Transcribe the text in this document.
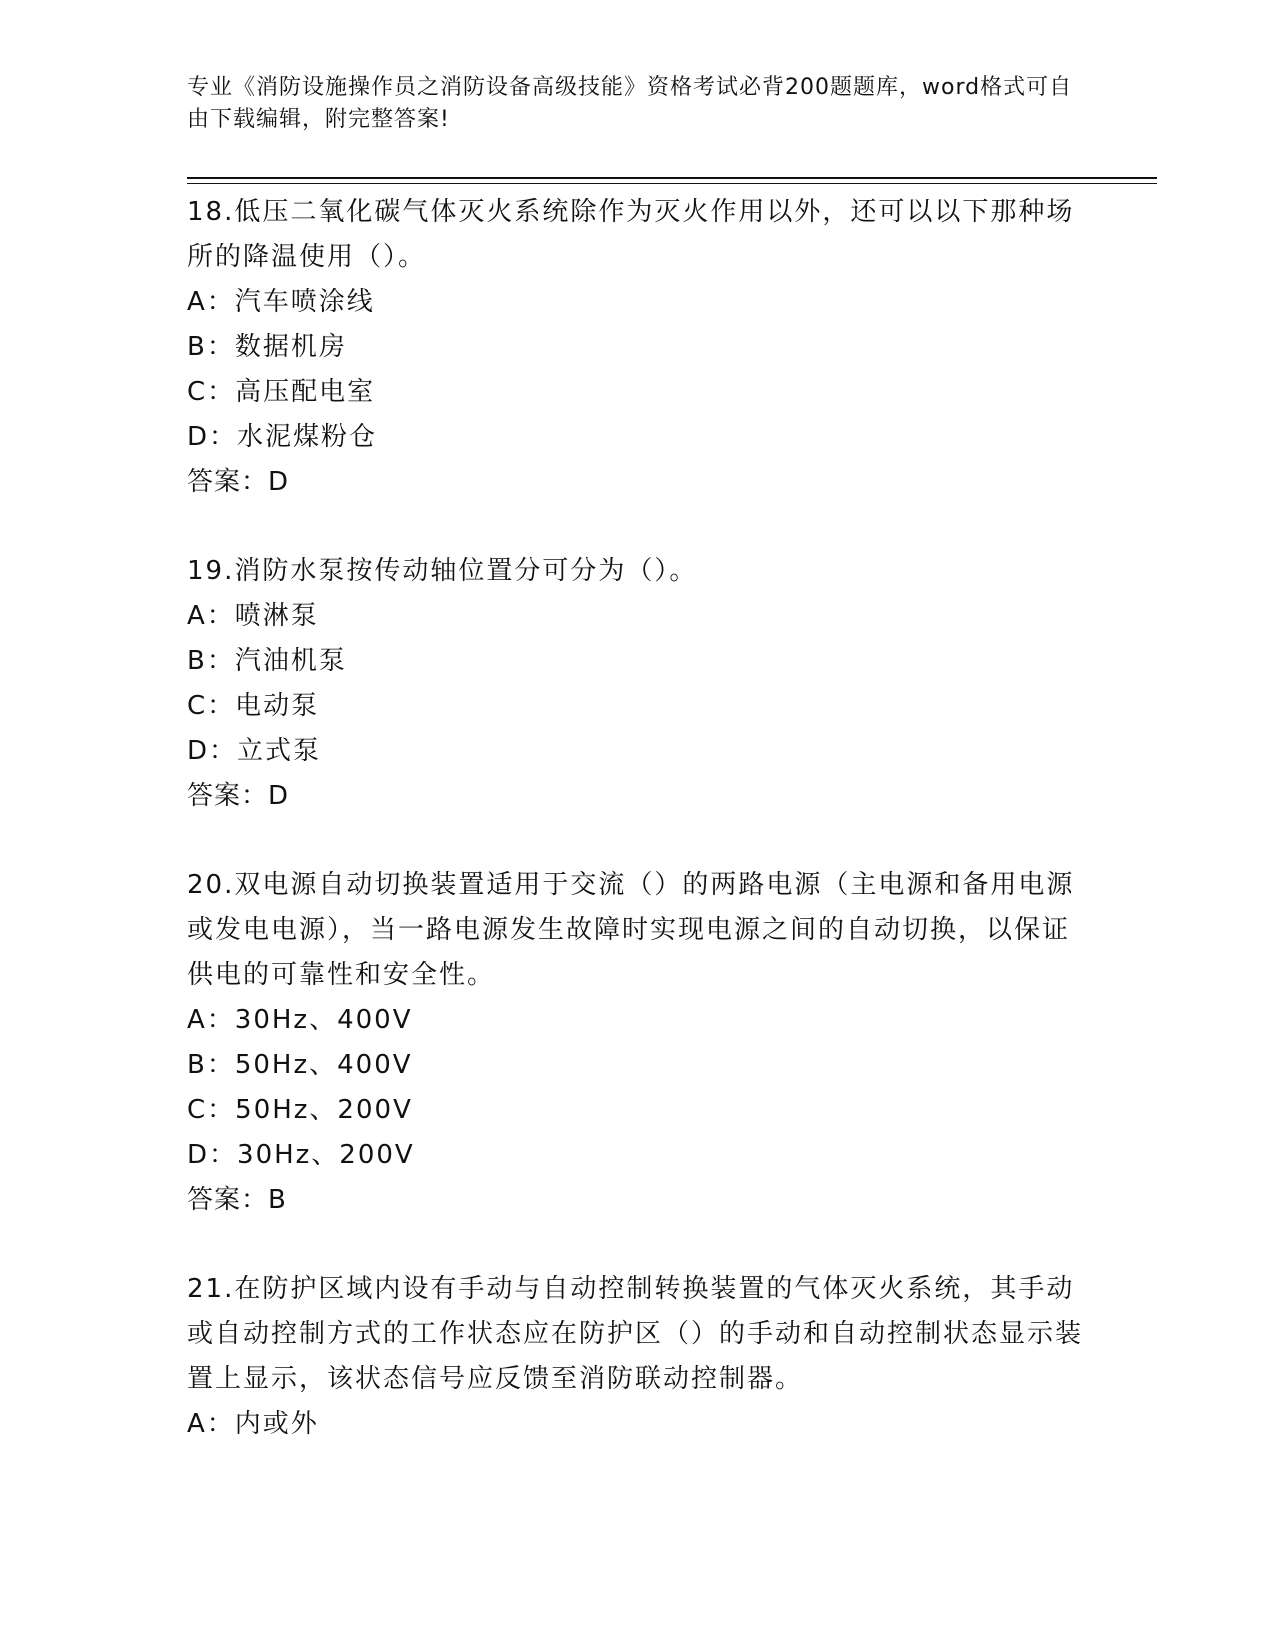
专业《消防设施操作员之消防设备高级技能》资格考试必背200题题库，word格式可自由下载编辑，附完整答案!
18.低压二氧化碳气体灭火系统除作为灭火作用以外，还可以以下那种场所的降温使用（）。
A：汽车喷涂线
B：数据机房
C：高压配电室
D：水泥煤粉仓
答案：D
19.消防水泵按传动轴位置分可分为（）。
A：喷淋泵
B：汽油机泵
C：电动泵
D：立式泵
答案：D
20.双电源自动切换装置适用于交流（）的两路电源（主电源和备用电源或发电电源），当一路电源发生故障时实现电源之间的自动切换，以保证供电的可靠性和安全性。
A：30Hz、400V
B：50Hz、400V
C：50Hz、200V
D：30Hz、200V
答案：B
21.在防护区域内设有手动与自动控制转换装置的气体灭火系统，其手动或自动控制方式的工作状态应在防护区（）的手动和自动控制状态显示装置上显示，该状态信号应反馈至消防联动控制器。
A：内或外
